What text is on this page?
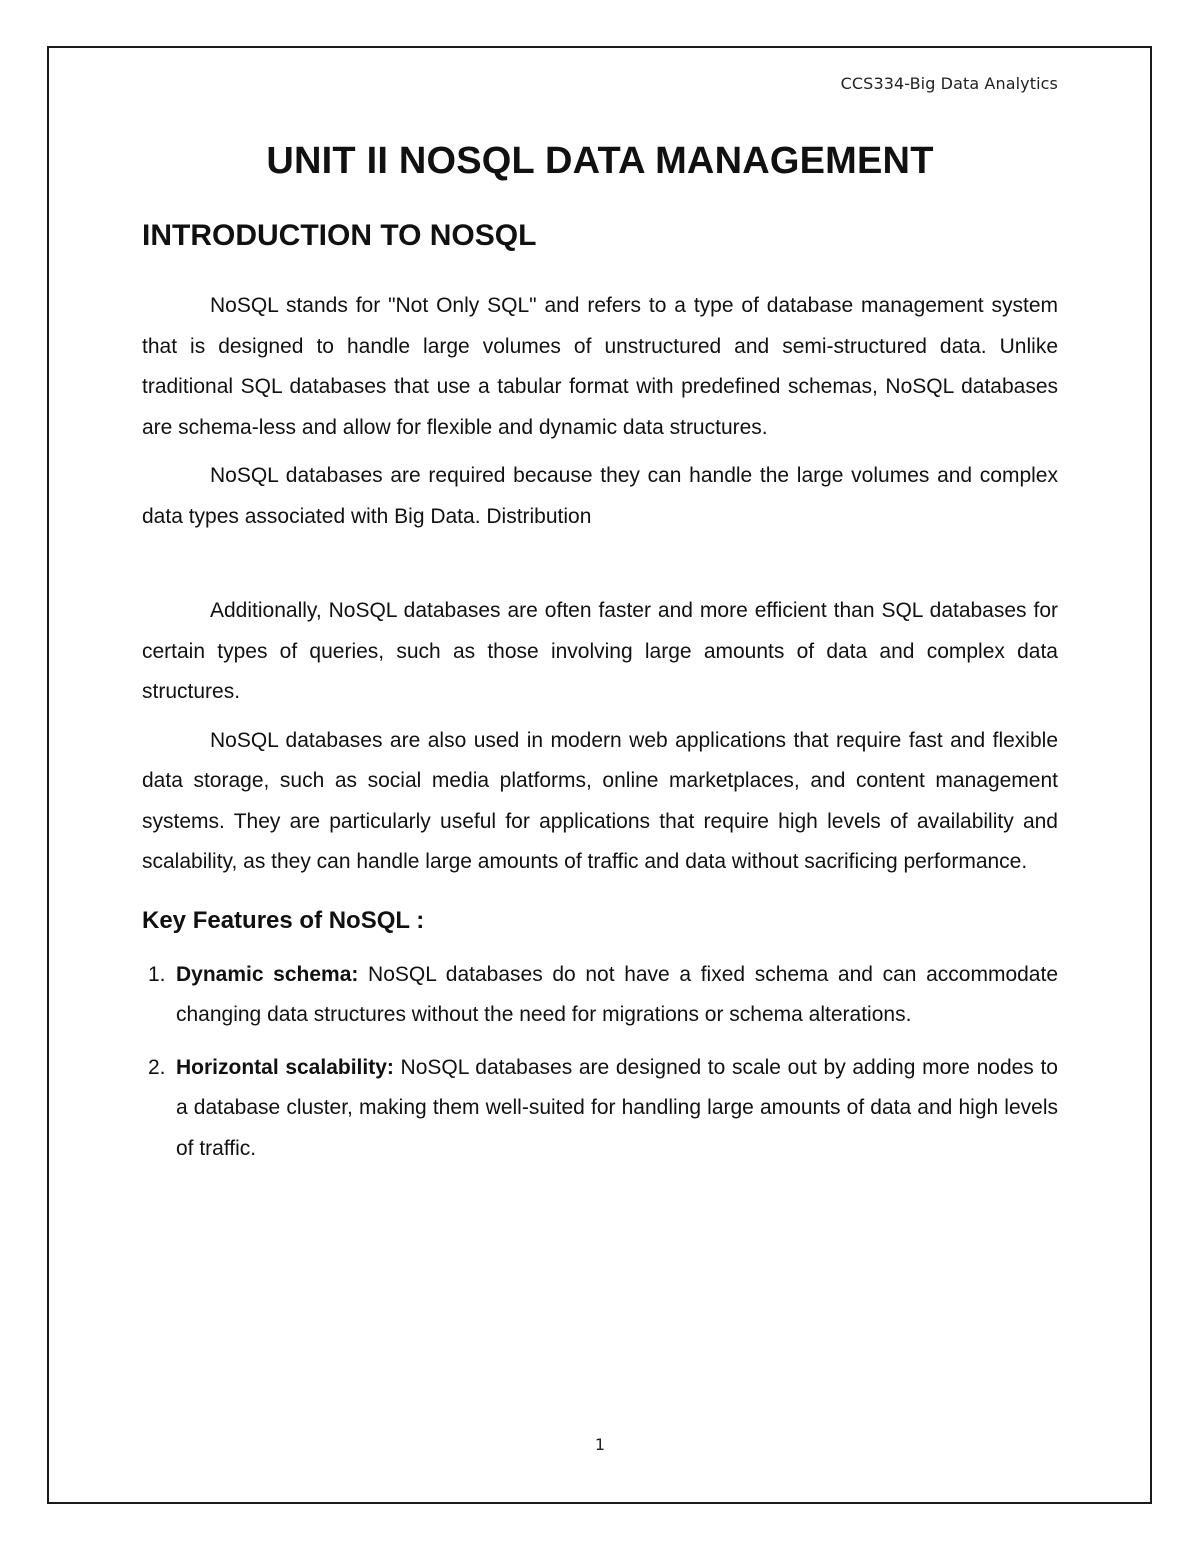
CCS334-Big Data Analytics
UNIT II NOSQL DATA MANAGEMENT
INTRODUCTION TO NOSQL

NoSQL stands for "Not Only SQL" and refers to a type of database management system that is designed to handle large volumes of unstructured and semi-structured data. Unlike traditional SQL databases that use a tabular format with predefined schemas, NoSQL databases are schema-less and allow for flexible and dynamic data structures.

NoSQL databases are required because they can handle the large volumes and complex data types associated with Big Data. Distribution

Additionally, NoSQL databases are often faster and more efficient than SQL databases for certain types of queries, such as those involving large amounts of data and complex data structures.

NoSQL databases are also used in modern web applications that require fast and flexible data storage, such as social media platforms, online marketplaces, and content management systems. They are particularly useful for applications that require high levels of availability and scalability, as they can handle large amounts of traffic and data without sacrificing performance.

Key Features of NoSQL :
1. Dynamic schema: NoSQL databases do not have a fixed schema and can accommodate changing data structures without the need for migrations or schema alterations.
2. Horizontal scalability: NoSQL databases are designed to scale out by adding more nodes to a database cluster, making them well-suited for handling large amounts of data and high levels of traffic.
1
